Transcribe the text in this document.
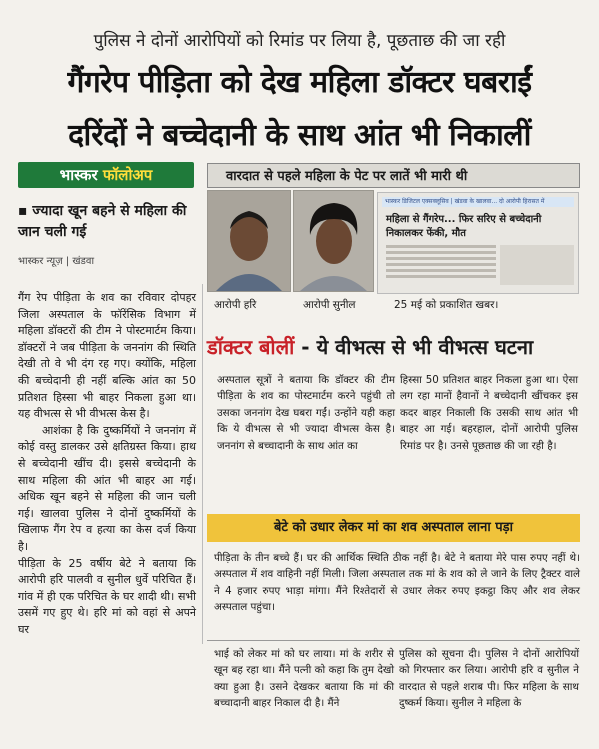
पुलिस ने दोनों आरोपियों को रिमांड पर लिया है, पूछताछ की जा रही
गैंगरेप पीड़िता को देख महिला डॉक्टर घबराईं
दरिंदों ने बच्चेदानी के साथ आंत भी निकालीं
भास्कर फॉलोअप
▪ ज्यादा खून बहने से महिला की जान चली गई
भास्कर न्यूज़ | खंडवा

गैंग रेप पीड़िता के शव का रविवार दोपहर जिला अस्पताल के फॉरेंसिक विभाग में महिला डॉक्टरों की टीम ने पोस्टमार्टम किया। डॉक्टरों ने जब पीड़िता के जननांग की स्थिति देखी तो वे भी दंग रह गए। क्योंकि, महिला की बच्चेदानी ही नहीं बल्कि आंत का 50 प्रतिशत हिस्सा भी बाहर निकला हुआ था। यह वीभत्स से भी वीभत्स केस है।

आशंका है कि दुष्कर्मियों ने जननांग में कोई वस्तु डालकर उसे क्षतिग्रस्त किया। हाथ से बच्चेदानी खींच दी। इससे बच्चेदानी के साथ महिला की आंत भी बाहर आ गई। अधिक खून बहने से महिला की जान चली गई। खालवा पुलिस ने दोनों दुष्कर्मियों के खिलाफ गैंग रेप व हत्या का केस दर्ज किया है।

पीड़िता के 25 वर्षीय बेटे ने बताया कि आरोपी हरि पालवी व सुनील धुर्वे परिचित हैं। गांव में ही एक परिचित के घर शादी थी। सभी उसमें गए हुए थे। हरि मां को वहां से अपने घर

वारदात से पहले महिला के पेट पर लातें भी मारी थी
भास्कर डिजिटल एक्सक्लूसिव | खंडवा के खालवा... दो आरोपी हिरासत में
महिला से गैंगरेप... फिर सरिए से बच्चेदानी निकालकर फेंकी, मौत
आरोपी हरि	आरोपी सुनील	25 मई को प्रकाशित खबर।
डॉक्टर बोलीं - ये वीभत्स से भी वीभत्स घटना
अस्पताल सूत्रों ने बताया कि डॉक्टर की टीम पीड़िता के शव का पोस्टमार्टम करने पहुंची तो उसका जननांग देख घबरा गईं। उन्होंने यही कहा कि ये वीभत्स से भी ज्यादा वीभत्स केस है। जननांग से बच्चादानी के साथ आंत का
हिस्सा 50 प्रतिशत बाहर निकला हुआ था। ऐसा लग रहा मानों हैवानों ने बच्चेदानी खींचकर इस कदर बाहर निकाली कि उसकी साथ आंत भी बाहर आ गई। बहरहाल, दोनों आरोपी पुलिस रिमांड पर है। उनसे पूछताछ की जा रही है।
बेटे को उधार लेकर मां का शव अस्पताल लाना पड़ा
पीड़िता के तीन बच्चे हैं। घर की आर्थिक स्थिति ठीक नहीं है। बेटे ने बताया मेरे पास रुपए नहीं थे। अस्पताल में शव वाहिनी नहीं मिली। जिला अस्पताल तक मां के शव को ले जाने के लिए ट्रैक्टर वाले ने 4 हजार रुपए भाड़ा मांगा। मैंने रिश्तेदारों से उधार लेकर रुपए इकट्ठा किए और शव लेकर अस्पताल पहुंचा।
भाई को लेकर मां को घर लाया। मां के शरीर से खून बह रहा था। मैंने पत्नी को कहा कि तुम देखो क्या हुआ है। उसने देखकर बताया कि मां की बच्चादानी बाहर निकाल दी है। मैंने
पुलिस को सूचना दी। पुलिस ने दोनों आरोपियों को गिरफ्तार कर लिया। आरोपी हरि व सुनील ने वारदात से पहले शराब पी। फिर महिला के साथ दुष्कर्म किया। सुनील ने महिला के
